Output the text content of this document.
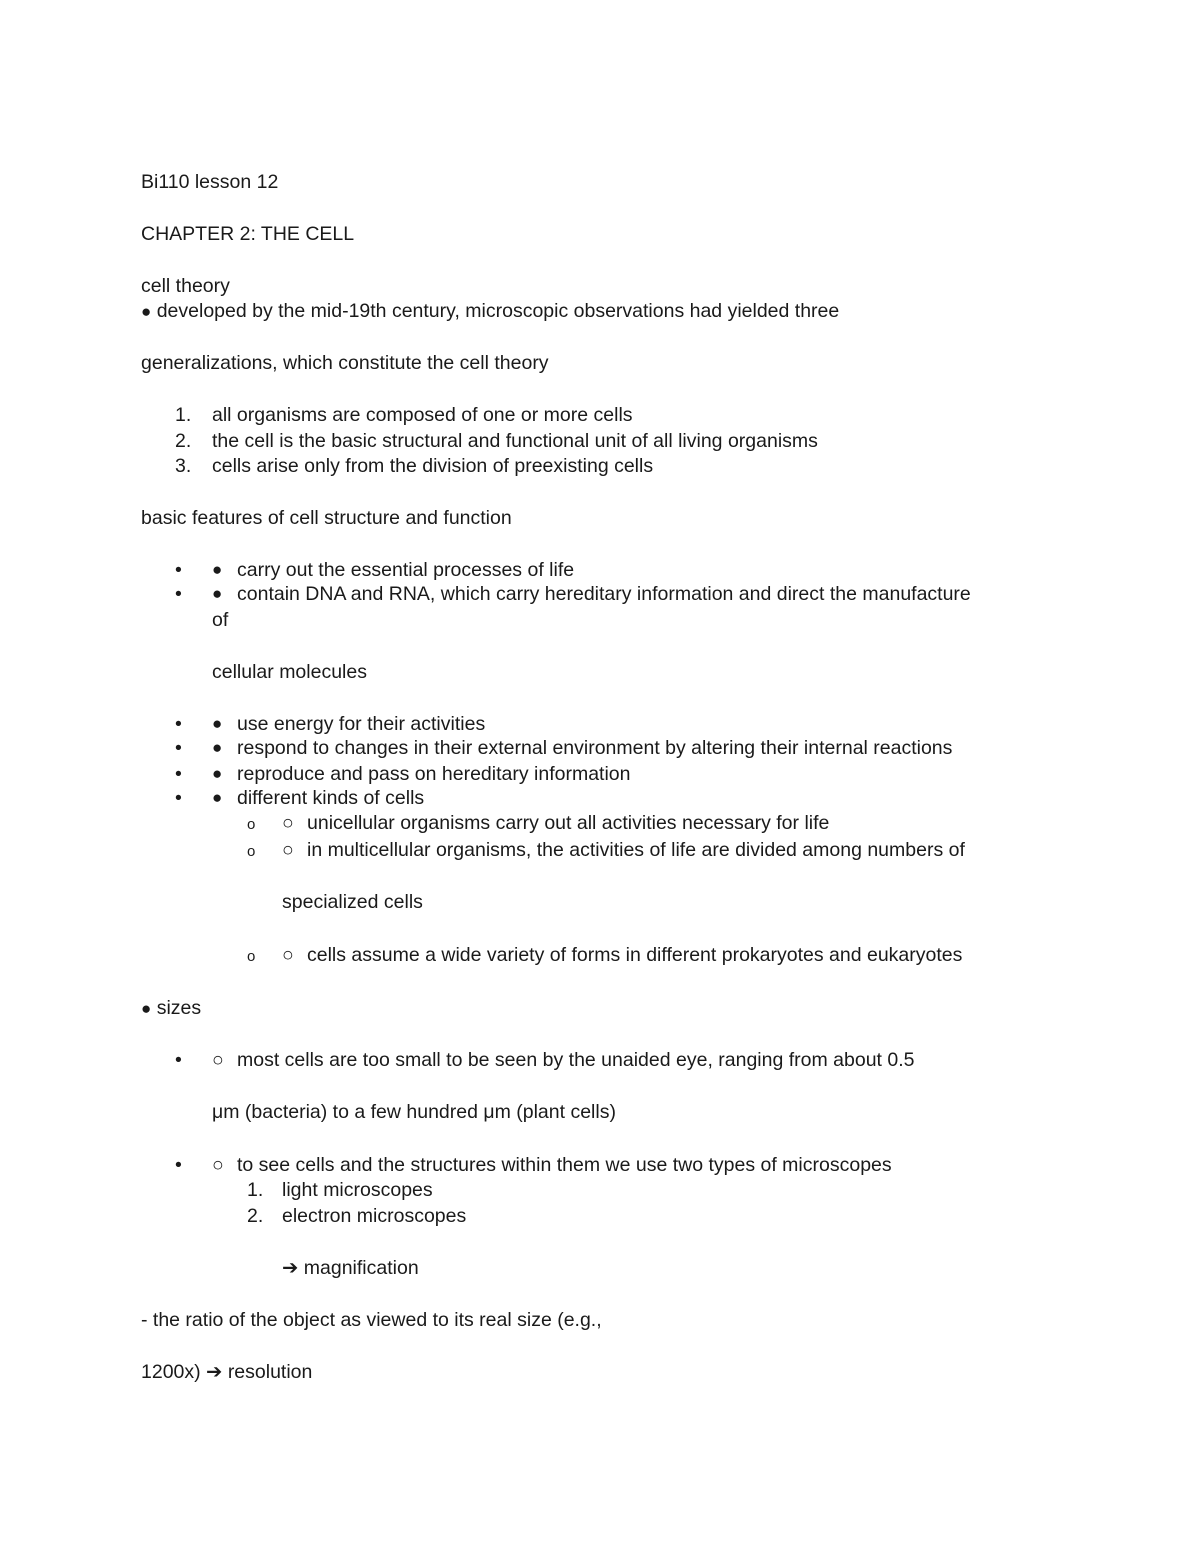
Bi110 lesson 12
CHAPTER 2: THE CELL
cell theory
● developed by the mid-19th century, microscopic observations had yielded three
generalizations, which constitute the cell theory
1. all organisms are composed of one or more cells
2. the cell is the basic structural and functional unit of all living organisms
3. cells arise only from the division of preexisting cells
basic features of cell structure and function
• ● carry out the essential processes of life
• ● contain DNA and RNA, which carry hereditary information and direct the manufacture
of
cellular molecules
• ● use energy for their activities
• ● respond to changes in their external environment by altering their internal reactions
• ● reproduce and pass on hereditary information
• ● different kinds of cells
o ○ unicellular organisms carry out all activities necessary for life
o ○ in multicellular organisms, the activities of life are divided among numbers of
specialized cells
o ○ cells assume a wide variety of forms in different prokaryotes and eukaryotes
● sizes
• ○ most cells are too small to be seen by the unaided eye, ranging from about 0.5
μm (bacteria) to a few hundred μm (plant cells)
• ○ to see cells and the structures within them we use two types of microscopes
1. light microscopes
2. electron microscopes
➔ magnification
- the ratio of the object as viewed to its real size (e.g.,
1200x) ➔ resolution
